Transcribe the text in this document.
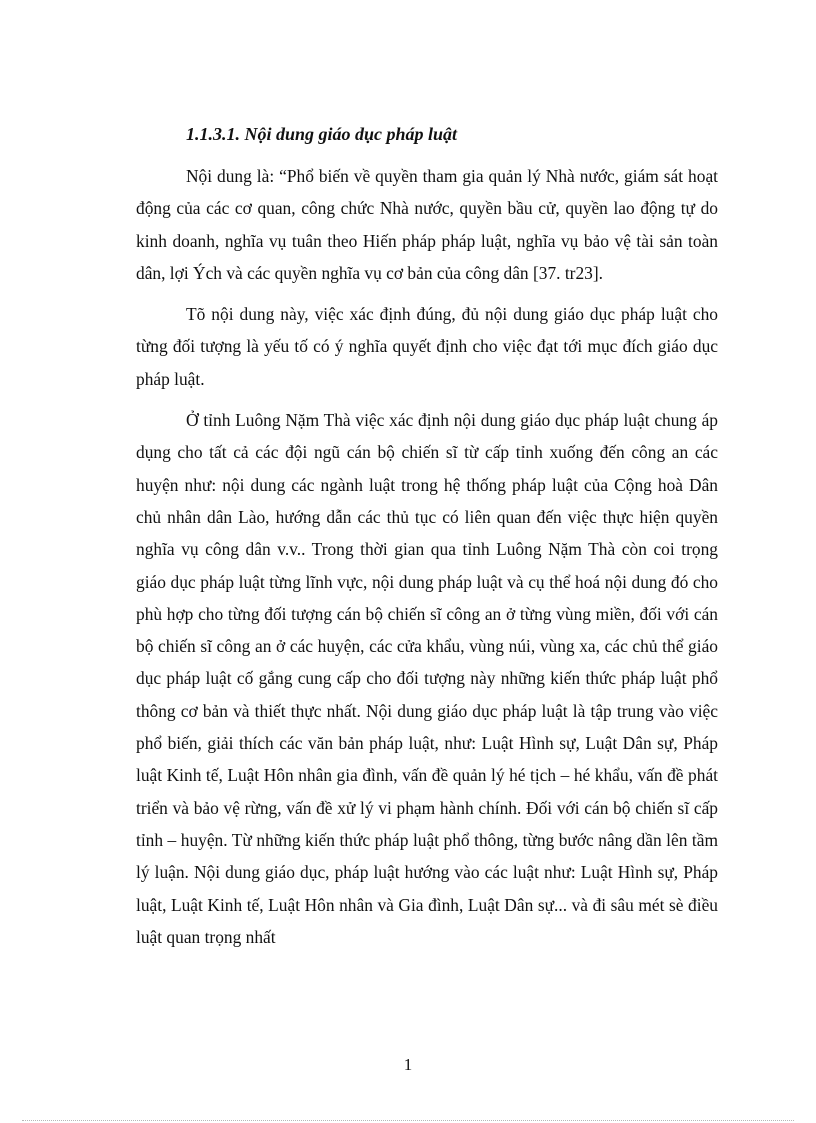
1.1.3.1. Nội dung giáo dục pháp luật

Nội dung là: “Phổ biến về quyền tham gia quản lý Nhà nước, giám sát hoạt động của các cơ quan, công chức Nhà nước, quyền bầu cử, quyền lao động tự do kinh doanh, nghĩa vụ tuân theo Hiến pháp pháp luật, nghĩa vụ bảo vệ tài sản toàn dân, lợi Ých và các quyền nghĩa vụ cơ bản của công dân [37. tr23].

Tõ nội dung này, việc xác định đúng, đủ nội dung giáo dục pháp luật cho từng đối tượng là yếu tố có ý nghĩa quyết định cho việc đạt tới mục đích giáo dục pháp luật.

Ở tỉnh Luông Nặm Thà việc xác định nội dung giáo dục pháp luật chung áp dụng cho tất cả các đội ngũ cán bộ chiến sĩ từ cấp tỉnh xuống đến công an các huyện như: nội dung các ngành luật trong hệ thống pháp luật của Cộng hoà Dân chủ nhân dân Lào, hướng dẫn các thủ tục có liên quan đến việc thực hiện quyền nghĩa vụ công dân v.v.. Trong thời gian qua tỉnh Luông Nặm Thà còn coi trọng giáo dục pháp luật từng lĩnh vực, nội dung pháp luật và cụ thể hoá nội dung đó cho phù hợp cho từng đối tượng cán bộ chiến sĩ công an ở từng vùng miền, đối với cán bộ chiến sĩ công an ở các huyện, các cửa khẩu, vùng núi, vùng xa, các chủ thể giáo dục pháp luật cố gắng cung cấp cho đối tượng này những kiến thức pháp luật phổ thông cơ bản và thiết thực nhất. Nội dung giáo dục pháp luật là tập trung vào việc phổ biến, giải thích các văn bản pháp luật, như: Luật Hình sự, Luật Dân sự, Pháp luật Kinh tế, Luật Hôn nhân gia đình, vấn đề quản lý hé tịch – hé khẩu, vấn đề phát triển và bảo vệ rừng, vấn đề xử lý vi phạm hành chính. Đối với cán bộ chiến sĩ cấp tỉnh – huyện. Từ những kiến thức pháp luật phổ thông, từng bước nâng dần lên tầm lý luận. Nội dung giáo dục, pháp luật hướng vào các luật như: Luật Hình sự, Pháp luật, Luật Kinh tế, Luật Hôn nhân và Gia đình, Luật Dân sự... và đi sâu mét sè điều luật quan trọng nhất

1
